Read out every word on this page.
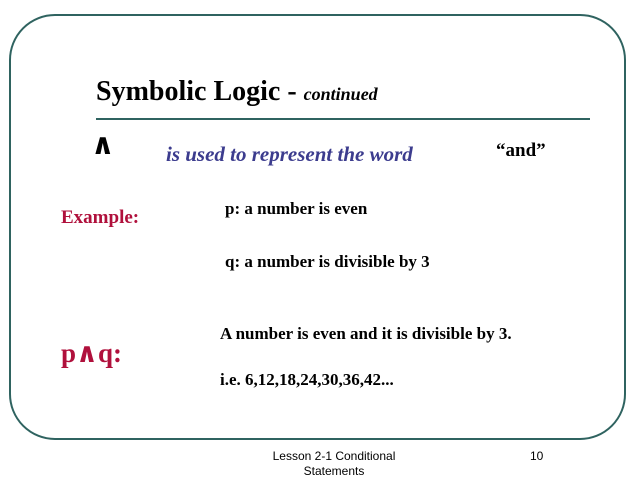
Symbolic Logic - continued
∧ is used to represent the word	“and”
Example:	p: a number is even
q: a number is divisible by 3
p∧q:
A number is even and it is divisible by 3.
i.e. 6,12,18,24,30,36,42...
Lesson 2-1 Conditional Statements
10
